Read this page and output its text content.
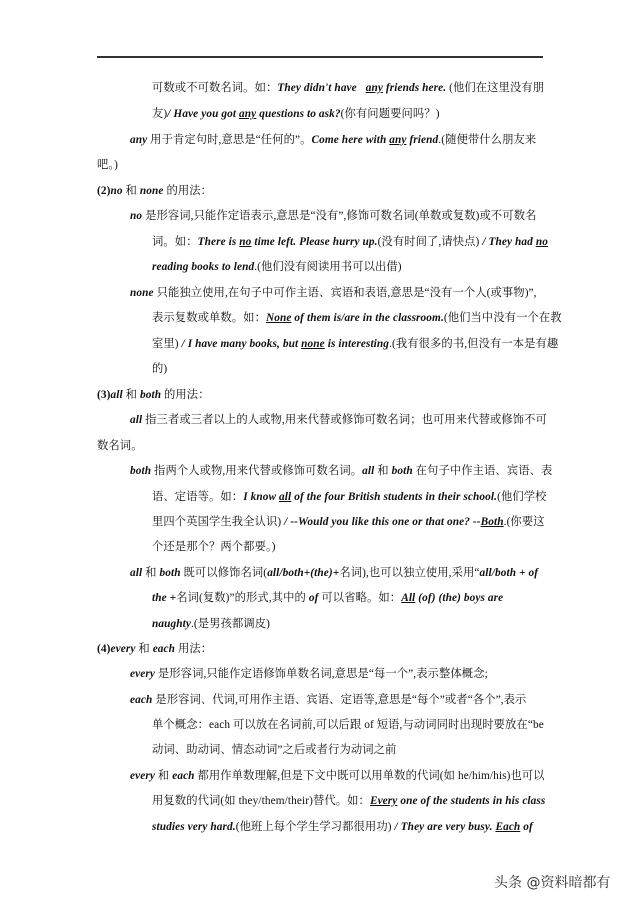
可数或不可数名词。如：They didn't have any friends here. (他们在这里没有朋
友)/ Have you got any questions to ask?(你有问题要问吗？)
any 用于肯定句时,意思是“任何的”。Come here with any friend.(随便带什么朋友来
吧。)
(2)no 和 none 的用法：
no 是形容词,只能作定语表示,意思是“没有”,修饰可数名词(单数或复数)或不可数名
词。如：There is no time left. Please hurry up.(没有时间了,请快点) / They had no
reading books to lend.(他们没有阅读用书可以出借)
none 只能独立使用,在句子中可作主语、宾语和表语,意思是“没有一个人(或事物)”,
表示复数或单数。如：None of them is/are in the classroom.(他们当中没有一个在教
室里) / I have many books, but none is interesting.(我有很多的书,但没有一本是有趣
的)
(3)all 和 both 的用法：
all 指三者或三者以上的人或物,用来代替或修饰可数名词；也可用来代替或修饰不可
数名词。
both 指两个人或物,用来代替或修饰可数名词。all 和 both 在句子中作主语、宾语、表
语、定语等。如：I know all of the four British students in their school.(他们学校
里四个英国学生我全认识) / --Would you like this one or that one? --Both.(你要这
个还是那个？两个都要。)
all 和 both 既可以修饰名词(all/both+(the)+名词),也可以独立使用,采用“all/both + of
the +名词(复数)”的形式,其中的 of 可以省略。如：All (of) (the) boys are
naughty.(是男孩都调皮)
(4)every 和 each 用法：
every 是形容词,只能作定语修饰单数名词,意思是“每一个”,表示整体概念;
each 是形容词、代词,可用作主语、宾语、定语等,意思是“每个”或者“各个”,表示
单个概念：each 可以放在名词前,可以后跟 of 短语,与动词同时出现时要放在“be
动词、助动词、情态动词”之后或者行为动词之前
every 和 each 都用作单数理解,但是下文中既可以用单数的代词(如 he/him/his)也可以
用复数的代词(如 they/them/their)替代。如：Every one of the students in his class
studies very hard.(他班上每个学生学习都很用功) / They are very busy. Each of
头条 @资料暗都有
